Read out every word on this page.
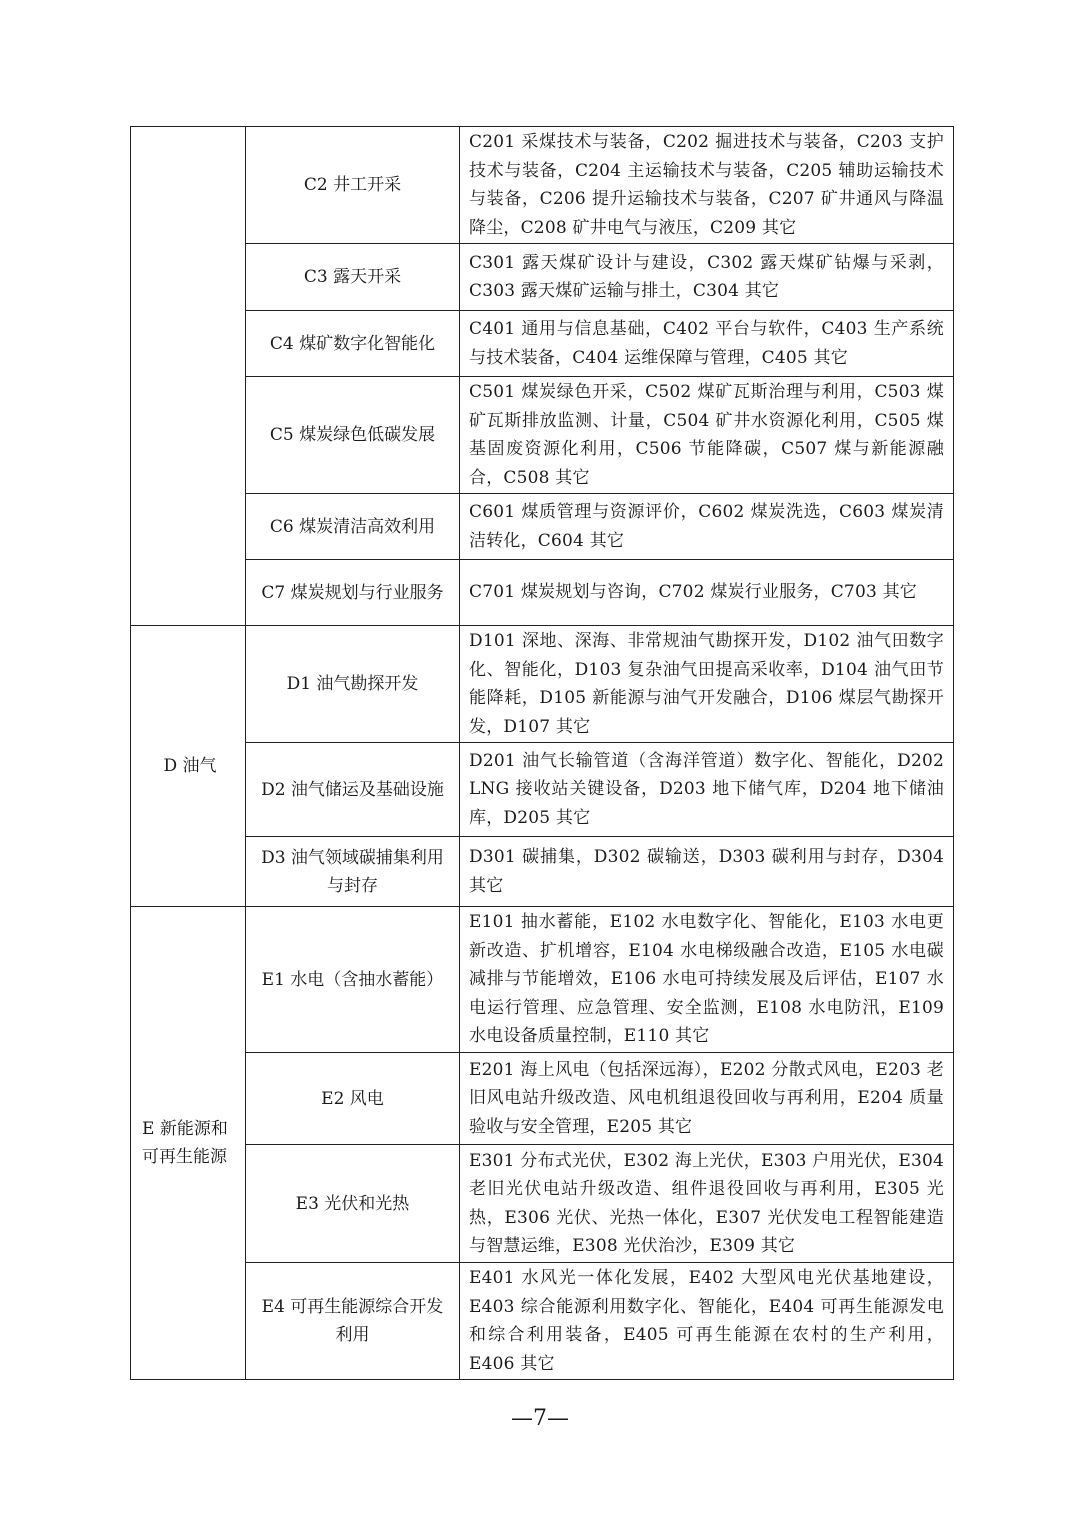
	C2 井工开采	C201 采煤技术与装备，C202 掘进技术与装备，C203 支护技术与装备，C204 主运输技术与装备，C205 辅助运输技术与装备，C206 提升运输技术与装备，C207 矿井通风与降温降尘，C208 矿井电气与液压，C209 其它
	C3 露天开采	C301 露天煤矿设计与建设，C302 露天煤矿钻爆与采剥，C303 露天煤矿运输与排土，C304 其它
	C4 煤矿数字化智能化	C401 通用与信息基础，C402 平台与软件，C403 生产系统与技术装备，C404 运维保障与管理，C405 其它
	C5 煤炭绿色低碳发展	C501 煤炭绿色开采，C502 煤矿瓦斯治理与利用，C503 煤矿瓦斯排放监测、计量，C504 矿井水资源化利用，C505 煤基固废资源化利用，C506 节能降碳，C507 煤与新能源融合，C508 其它
	C6 煤炭清洁高效利用	C601 煤质管理与资源评价，C602 煤炭洗选，C603 煤炭清洁转化，C604 其它
	C7 煤炭规划与行业服务	C701 煤炭规划与咨询，C702 煤炭行业服务，C703 其它
D 油气	D1 油气勘探开发	D101 深地、深海、非常规油气勘探开发，D102 油气田数字化、智能化，D103 复杂油气田提高采收率，D104 油气田节能降耗，D105 新能源与油气开发融合，D106 煤层气勘探开发，D107 其它
	D2 油气储运及基础设施	D201 油气长输管道（含海洋管道）数字化、智能化，D202 LNG 接收站关键设备，D203 地下储气库，D204 地下储油库，D205 其它
	D3 油气领域碳捕集利用与封存	D301 碳捕集，D302 碳输送，D303 碳利用与封存，D304 其它
E 新能源和可再生能源	E1 水电（含抽水蓄能）	E101 抽水蓄能，E102 水电数字化、智能化，E103 水电更新改造、扩机增容，E104 水电梯级融合改造，E105 水电碳减排与节能增效，E106 水电可持续发展及后评估，E107 水电运行管理、应急管理、安全监测，E108 水电防汛，E109 水电设备质量控制，E110 其它
	E2 风电	E201 海上风电（包括深远海），E202 分散式风电，E203 老旧风电站升级改造、风电机组退役回收与再利用，E204 质量验收与安全管理，E205 其它
	E3 光伏和光热	E301 分布式光伏，E302 海上光伏，E303 户用光伏，E304 老旧光伏电站升级改造、组件退役回收与再利用，E305 光热，E306 光伏、光热一体化，E307 光伏发电工程智能建造与智慧运维，E308 光伏治沙，E309 其它
	E4 可再生能源综合开发利用	E401 水风光一体化发展，E402 大型风电光伏基地建设，E403 综合能源利用数字化、智能化，E404 可再生能源发电和综合利用装备，E405 可再生能源在农村的生产利用，E406 其它
—7—
